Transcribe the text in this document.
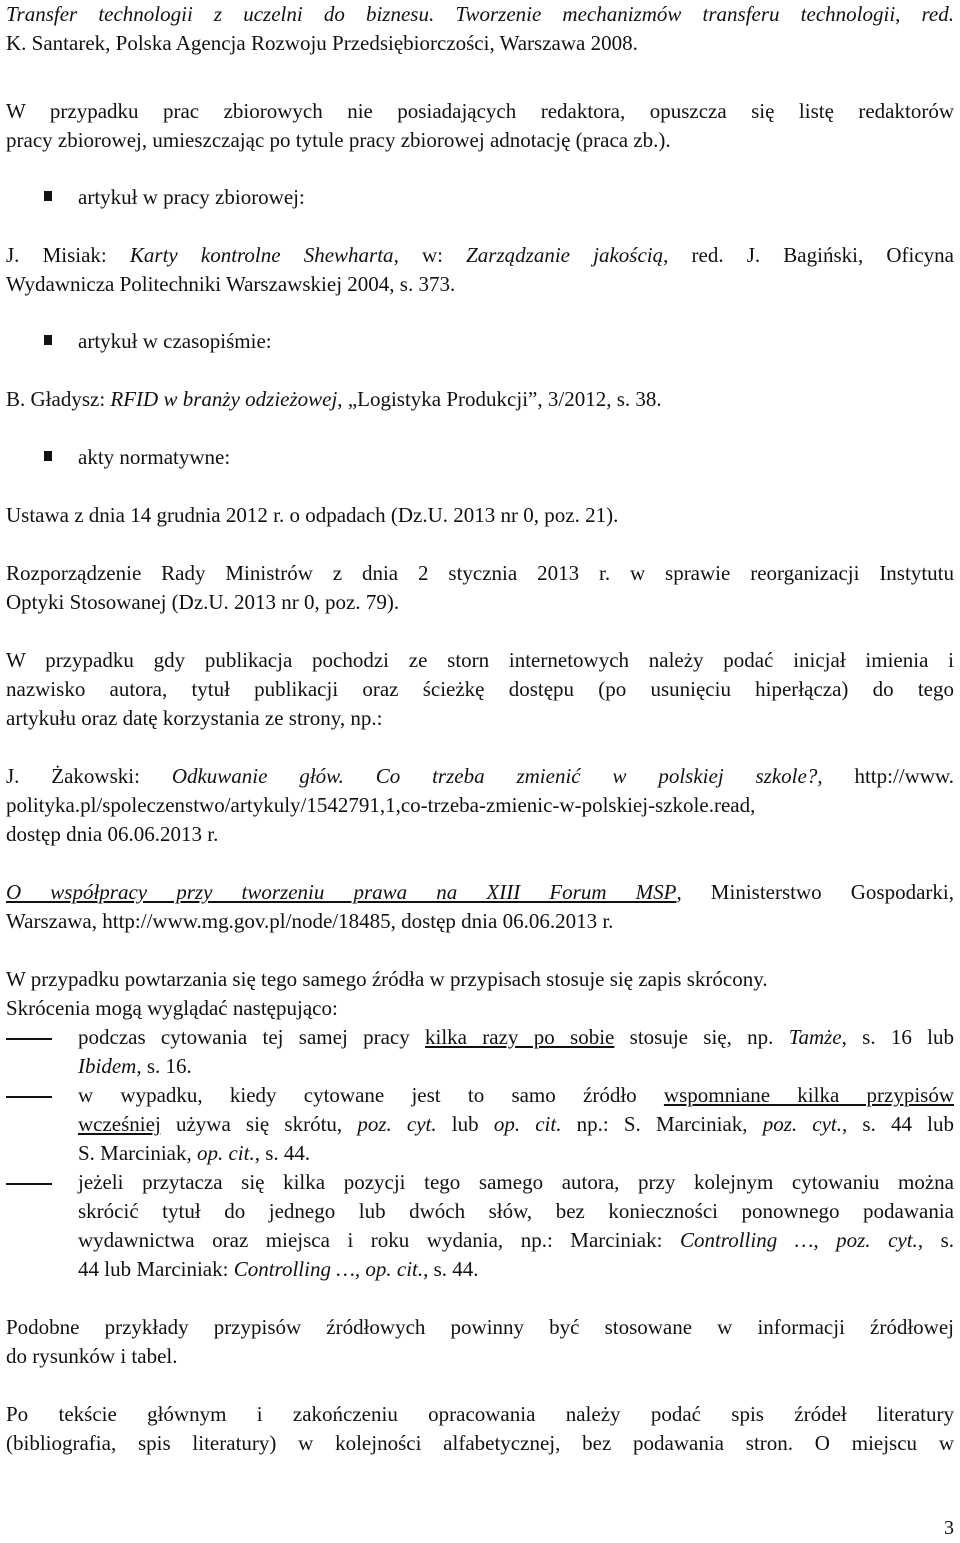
Transfer technologii z uczelni do biznesu. Tworzenie mechanizmów transferu technologii, red.
K. Santarek, Polska Agencja Rozwoju Przedsiębiorczości, Warszawa 2008.
W przypadku prac zbiorowych nie posiadających redaktora, opuszcza się listę redaktorów
pracy zbiorowej, umieszczając po tytule pracy zbiorowej adnotację (praca zb.).
artykuł w pracy zbiorowej:
J. Misiak: Karty kontrolne Shewharta, w: Zarządzanie jakością, red. J. Bagiński, Oficyna
Wydawnicza Politechniki Warszawskiej 2004, s. 373.
artykuł w czasopiśmie:
B. Gładysz: RFID w branży odzieżowej, „Logistyka Produkcji”, 3/2012, s. 38.
akty normatywne:
Ustawa z dnia 14 grudnia 2012 r. o odpadach (Dz.U. 2013 nr 0, poz. 21).
Rozporządzenie Rady Ministrów z dnia 2 stycznia 2013 r. w sprawie reorganizacji Instytutu
Optyki Stosowanej (Dz.U. 2013 nr 0, poz. 79).
W przypadku gdy publikacja pochodzi ze storn internetowych należy podać inicjał imienia i
nazwisko autora, tytuł publikacji oraz ścieżkę dostępu (po usunięciu hiperłącza) do tego
artykułu oraz datę korzystania ze strony, np.:
J. Żakowski: Odkuwanie głów. Co trzeba zmienić w polskiej szkole?, http://www.
polityka.pl/spoleczenstwo/artykuly/1542791,1,co-trzeba-zmienic-w-polskiej-szkole.read,
dostęp dnia 06.06.2013 r.
O współpracy przy tworzeniu prawa na XIII Forum MSP, Ministerstwo Gospodarki,
Warszawa, http://www.mg.gov.pl/node/18485, dostęp dnia 06.06.2013 r.
W przypadku powtarzania się tego samego źródła w przypisach stosuje się zapis skrócony.
Skrócenia mogą wyglądać następująco:
podczas cytowania tej samej pracy kilka razy po sobie stosuje się, np. Tamże, s. 16 lub
Ibidem, s. 16.
w wypadku, kiedy cytowane jest to samo źródło wspomniane kilka przypisów
wcześniej używa się skrótu, poz. cyt. lub op. cit. np.: S. Marciniak, poz. cyt., s. 44 lub
S. Marciniak, op. cit., s. 44.
jeżeli przytacza się kilka pozycji tego samego autora, przy kolejnym cytowaniu można
skrócić tytuł do jednego lub dwóch słów, bez konieczności ponownego podawania
wydawnictwa oraz miejsca i roku wydania, np.: Marciniak: Controlling …, poz. cyt., s.
44 lub Marciniak: Controlling …, op. cit., s. 44.
Podobne przykłady przypisów źródłowych powinny być stosowane w informacji źródłowej
do rysunków i tabel.
Po tekście głównym i zakończeniu opracowania należy podać spis źródeł literatury
(bibliografia, spis literatury) w kolejności alfabetycznej, bez podawania stron. O miejscu w
3
